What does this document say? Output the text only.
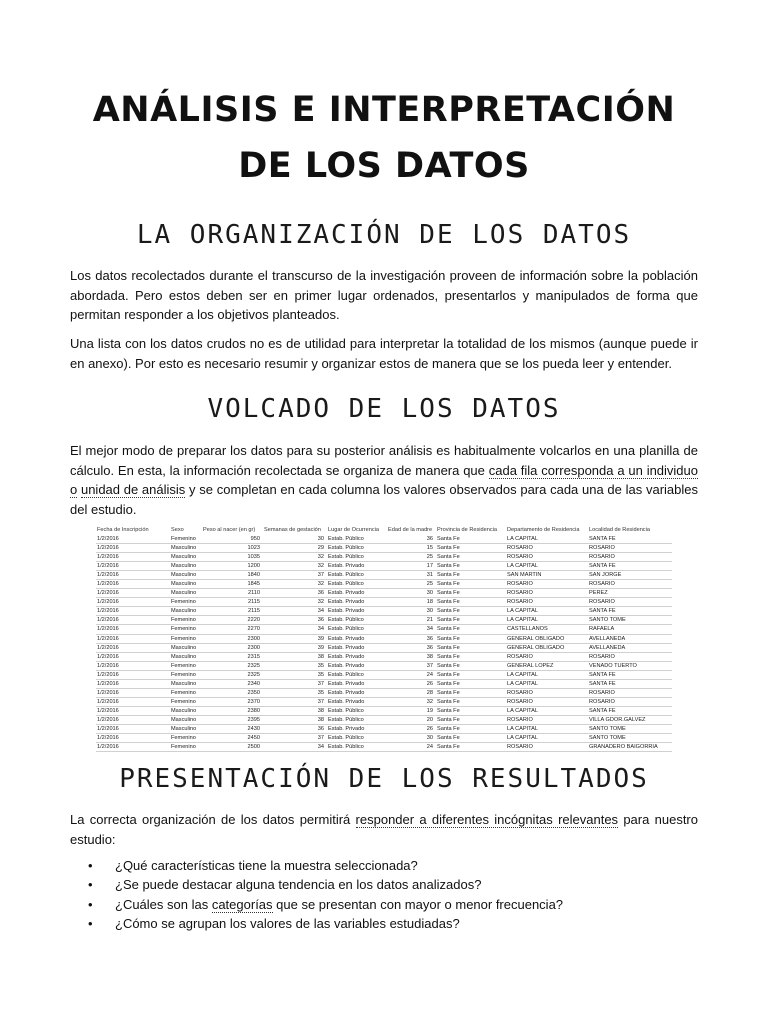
ANÁLISIS E INTERPRETACIÓN
DE LOS DATOS
LA ORGANIZACIÓN DE LOS DATOS

Los datos recolectados durante el transcurso de la investigación proveen de información sobre la población abordada. Pero estos deben ser en primer lugar ordenados, presentarlos y manipulados de forma que permitan responder a los objetivos planteados.

Una lista con los datos crudos no es de utilidad para interpretar la totalidad de los mismos (aunque puede ir en anexo). Por esto es necesario resumir y organizar estos de manera que se los pueda leer y entender.

VOLCADO DE LOS DATOS

El mejor modo de preparar los datos para su posterior análisis es habitualmente volcarlos en una planilla de cálculo. En esta, la información recolectada se organiza de manera que cada fila corresponda a un individuo o unidad de análisis y se completan en cada columna los valores observados para cada una de las variables del estudio.

Fecha de Inscripción	Sexo	Peso al nacer (en gr)	Semanas de gestación	Lugar de Ocurrencia	Edad de la madre	Provincia de Residencia	Departamento de Residencia	Localidad de Residencia
1/2/2016	Femenino	950	30	Estab. Público	36	Santa Fe	LA CAPITAL	SANTA FE
1/2/2016	Masculino	1023	29	Estab. Público	15	Santa Fe	ROSARIO	ROSARIO
1/2/2016	Masculino	1035	32	Estab. Público	25	Santa Fe	ROSARIO	ROSARIO
1/2/2016	Masculino	1200	32	Estab. Privado	17	Santa Fe	LA CAPITAL	SANTA FE
1/2/2016	Masculino	1840	37	Estab. Público	31	Santa Fe	SAN MARTIN	SAN JORGE
1/2/2016	Masculino	1845	32	Estab. Público	25	Santa Fe	ROSARIO	ROSARIO
1/2/2016	Masculino	2110	36	Estab. Privado	30	Santa Fe	ROSARIO	PEREZ
1/2/2016	Femenino	2115	32	Estab. Privado	18	Santa Fe	ROSARIO	ROSARIO
1/2/2016	Masculino	2115	34	Estab. Privado	30	Santa Fe	LA CAPITAL	SANTA FE
1/2/2016	Femenino	2220	36	Estab. Público	21	Santa Fe	LA CAPITAL	SANTO TOME
1/2/2016	Femenino	2270	34	Estab. Público	34	Santa Fe	CASTELLANOS	RAFAELA
1/2/2016	Femenino	2300	39	Estab. Privado	36	Santa Fe	GENERAL OBLIGADO	AVELLANEDA
1/2/2016	Masculino	2300	39	Estab. Privado	36	Santa Fe	GENERAL OBLIGADO	AVELLANEDA
1/2/2016	Masculino	2315	38	Estab. Privado	38	Santa Fe	ROSARIO	ROSARIO
1/2/2016	Femenino	2325	35	Estab. Privado	37	Santa Fe	GENERAL LOPEZ	VENADO TUERTO
1/2/2016	Femenino	2325	35	Estab. Público	24	Santa Fe	LA CAPITAL	SANTA FE
1/2/2016	Masculino	2340	37	Estab. Privado	26	Santa Fe	LA CAPITAL	SANTA FE
1/2/2016	Femenino	2350	35	Estab. Privado	28	Santa Fe	ROSARIO	ROSARIO
1/2/2016	Femenino	2370	37	Estab. Privado	32	Santa Fe	ROSARIO	ROSARIO
1/2/2016	Masculino	2380	38	Estab. Público	19	Santa Fe	LA CAPITAL	SANTA FE
1/2/2016	Masculino	2395	38	Estab. Público	20	Santa Fe	ROSARIO	VILLA GDOR.GALVEZ
1/2/2016	Masculino	2430	36	Estab. Privado	26	Santa Fe	LA CAPITAL	SANTO TOME
1/2/2016	Femenino	2450	37	Estab. Público	30	Santa Fe	LA CAPITAL	SANTO TOME
1/2/2016	Femenino	2500	34	Estab. Público	24	Santa Fe	ROSARIO	GRANADERO BAIGORRIA
PRESENTACIÓN DE LOS RESULTADOS

La correcta organización de los datos permitirá responder a diferentes incógnitas relevantes para nuestro estudio:

•	¿Qué características tiene la muestra seleccionada?
•	¿Se puede destacar alguna tendencia en los datos analizados?
•	¿Cuáles son las categorías que se presentan con mayor o menor frecuencia?
•	¿Cómo se agrupan los valores de las variables estudiadas?
